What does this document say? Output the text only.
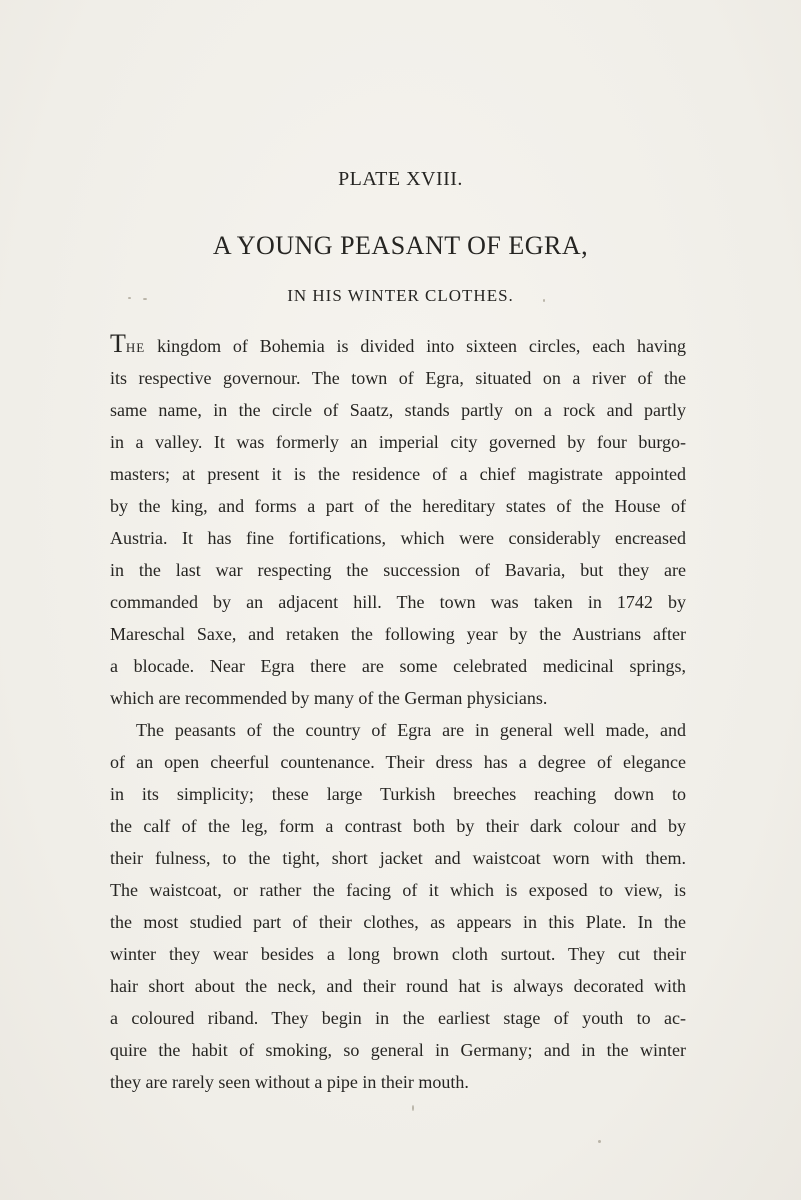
PLATE XVIII.
A YOUNG PEASANT OF EGRA,
IN HIS WINTER CLOTHES.
THE kingdom of Bohemia is divided into sixteen circles, each having
its respective governour. The town of Egra, situated on a river of the
same name, in the circle of Saatz, stands partly on a rock and partly
in a valley. It was formerly an imperial city governed by four burgo-
masters; at present it is the residence of a chief magistrate appointed
by the king, and forms a part of the hereditary states of the House of
Austria. It has fine fortifications, which were considerably encreased
in the last war respecting the succession of Bavaria, but they are
commanded by an adjacent hill. The town was taken in 1742 by
Mareschal Saxe, and retaken the following year by the Austrians after
a blocade. Near Egra there are some celebrated medicinal springs,
which are recommended by many of the German physicians.
The peasants of the country of Egra are in general well made, and
of an open cheerful countenance. Their dress has a degree of elegance
in its simplicity; these large Turkish breeches reaching down to
the calf of the leg, form a contrast both by their dark colour and by
their fulness, to the tight, short jacket and waistcoat worn with them.
The waistcoat, or rather the facing of it which is exposed to view, is
the most studied part of their clothes, as appears in this Plate. In the
winter they wear besides a long brown cloth surtout. They cut their
hair short about the neck, and their round hat is always decorated with
a coloured riband. They begin in the earliest stage of youth to ac-
quire the habit of smoking, so general in Germany; and in the winter
they are rarely seen without a pipe in their mouth.
